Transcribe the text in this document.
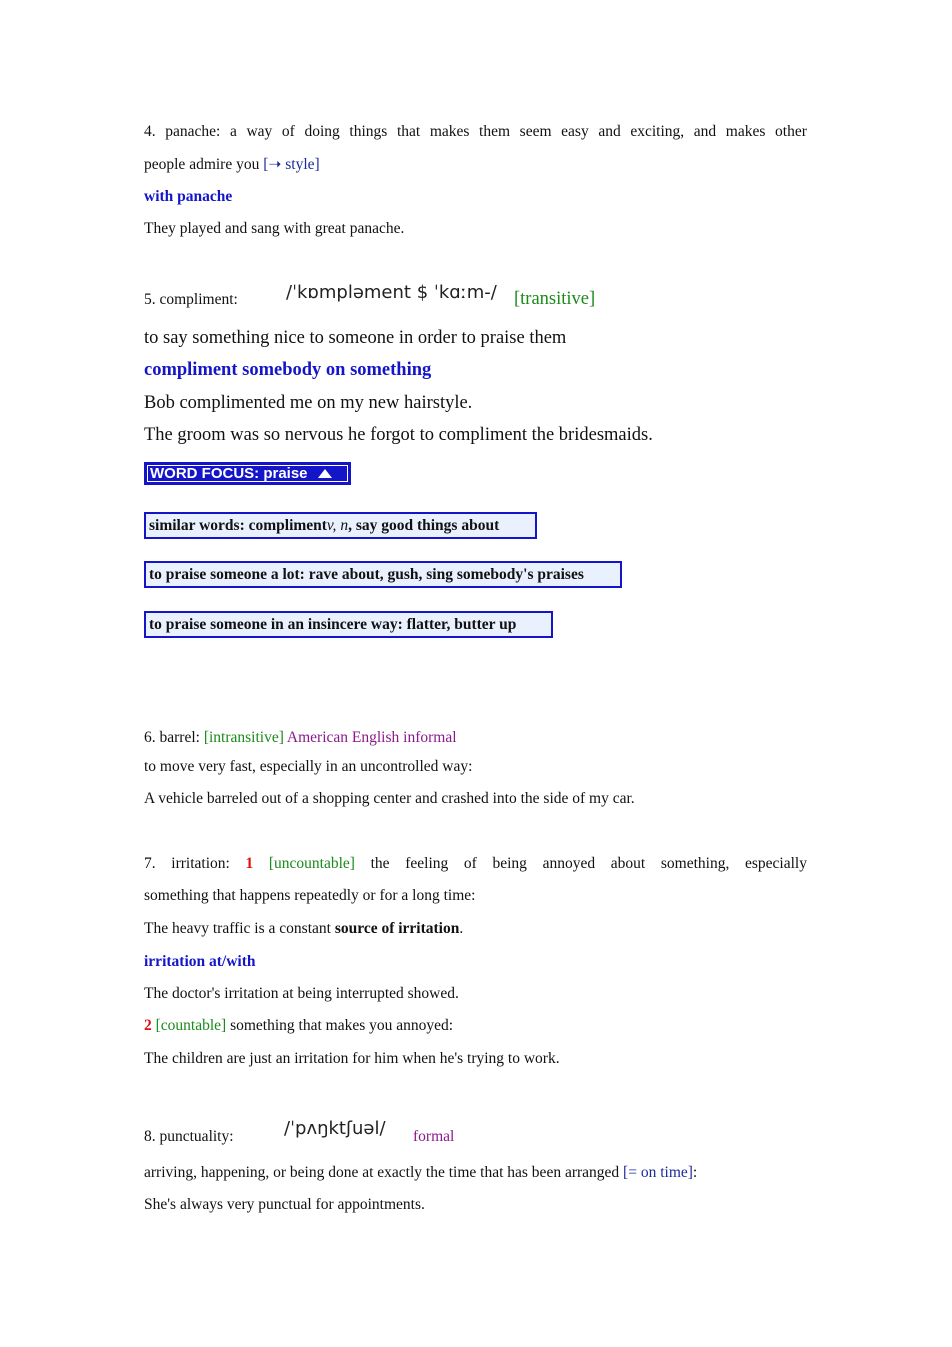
4. panache: a way of doing things that makes them seem easy and exciting, and makes other
people admire you [➝ style]
with panache
They played and sang with great panache.
5. compliment:	/ˈkɒmpləment $ ˈkɑːm-/ [transitive]
to say something nice to someone in order to praise them
compliment somebody on something
Bob complimented me on my new hairstyle.
The groom was so nervous he forgot to compliment the bridesmaids.
WORD FOCUS: praise
similar words: compliment
v,
n , say good things about
to praise someone a lot: rave about, gush, sing somebody's praises
to praise someone in an insincere way: flatter, butter up
6. barrel: [intransitive] American English informal
to move very fast, especially in an uncontrolled way:
A vehicle barreled out of a shopping center and crashed into the side of my car.
7. irritation: 1 [uncountable] the feeling of being annoyed about something, especially
something that happens repeatedly or for a long time:
The heavy traffic is a constant source of irritation.
irritation at/with
The doctor's irritation at being interrupted showed.
2 [countable] something that makes you annoyed:
The children are just an irritation for him when he's trying to work.
8. punctuality:	/ˈpʌŋktʃuəl/ formal
arriving, happening, or being done at exactly the time that has been arranged [= on time]:
She's always very punctual for appointments.
